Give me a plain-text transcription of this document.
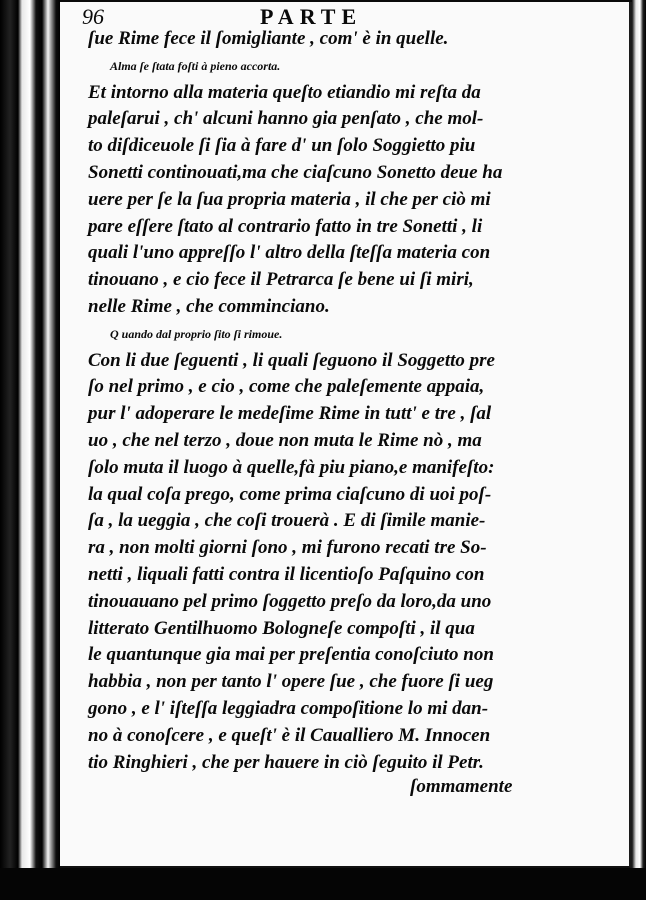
96	PARTE
ſue Rime fece il ſomigliante , com' è in quelle.
Alma ſe ſtata foſti à pieno accorta.
Et intorno alla materia queſto etiandio mi reſta da
paleſarui , ch' alcuni hanno gia penſato , che mol-
to diſdiceuole ſi ſia à fare d' un ſolo Soggietto piu
Sonetti continouati,ma che ciaſcuno Sonetto deue ha
uere per ſe la ſua propria materia , il che per ciò mi
pare eſſere ſtato al contrario fatto in tre Sonetti , li
quali l'uno appreſſo l' altro della ſteſſa materia con
tinouano , e cio fece il Petrarca ſe bene ui ſi miri,
nelle Rime , che comminciano.
Q uando dal proprio ſito ſi rimoue.
Con li due ſeguenti , li quali ſeguono il Soggetto pre
ſo nel primo , e cio , come che paleſemente appaia,
pur l' adoperare le medeſime Rime in tutt' e tre , ſal
uo , che nel terzo , doue non muta le Rime nò , ma
ſolo muta il luogo à quelle,fà piu piano,e manifeſto:
la qual coſa prego, come prima ciaſcuno di uoi poſ-
ſa , la ueggia , che coſi trouerà . E di ſimile manie-
ra , non molti giorni ſono , mi furono recati tre So-
netti , liquali fatti contra il licentioſo Paſquino con
tinouauano pel primo ſoggetto preſo da loro,da uno
litterato Gentilhuomo Bologneſe compoſti , il qua
le quantunque gia mai per preſentia conoſciuto non
habbia , non per tanto l' opere ſue , che fuore ſi ueg
gono , e l' iſteſſa leggiadra compoſitione lo mi dan-
no à conoſcere , e queſt' è il Caualliero M. Innocen
tio Ringhieri , che per hauere in ciò ſeguito il Petr.
ſommamente
